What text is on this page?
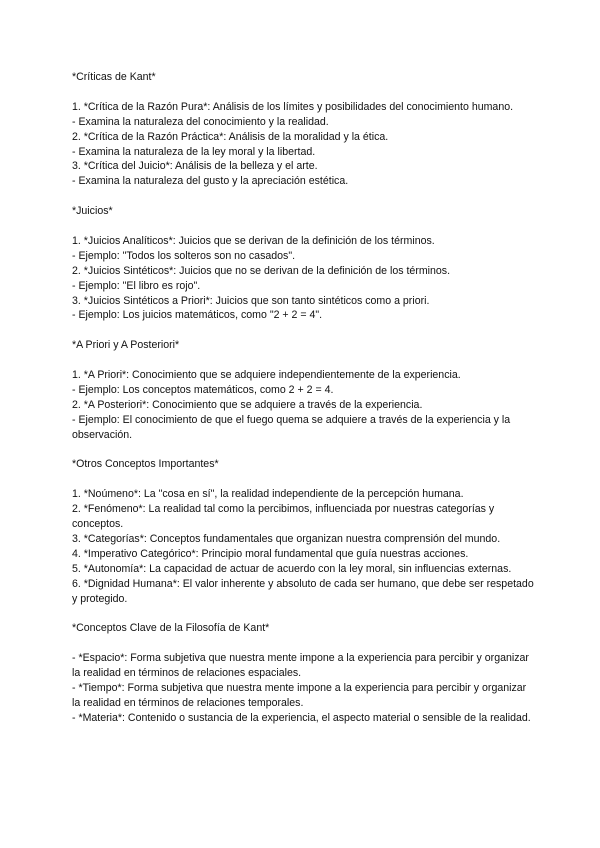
*Críticas de Kant*

1. *Crítica de la Razón Pura*: Análisis de los límites y posibilidades del conocimiento humano.

- Examina la naturaleza del conocimiento y la realidad.

2. *Crítica de la Razón Práctica*: Análisis de la moralidad y la ética.

- Examina la naturaleza de la ley moral y la libertad.

3. *Crítica del Juicio*: Análisis de la belleza y el arte.

- Examina la naturaleza del gusto y la apreciación estética.

*Juicios*

1. *Juicios Analíticos*: Juicios que se derivan de la definición de los términos.

- Ejemplo: "Todos los solteros son no casados".

2. *Juicios Sintéticos*: Juicios que no se derivan de la definición de los términos.

- Ejemplo: "El libro es rojo".

3. *Juicios Sintéticos a Priori*: Juicios que son tanto sintéticos como a priori.

- Ejemplo: Los juicios matemáticos, como "2 + 2 = 4".

*A Priori y A Posteriori*

1. *A Priori*: Conocimiento que se adquiere independientemente de la experiencia.

- Ejemplo: Los conceptos matemáticos, como 2 + 2 = 4.

2. *A Posteriori*: Conocimiento que se adquiere a través de la experiencia.

- Ejemplo: El conocimiento de que el fuego quema se adquiere a través de la experiencia y la observación.

*Otros Conceptos Importantes*

1. *Noúmeno*: La "cosa en sí", la realidad independiente de la percepción humana.

2. *Fenómeno*: La realidad tal como la percibimos, influenciada por nuestras categorías y conceptos.

3. *Categorías*: Conceptos fundamentales que organizan nuestra comprensión del mundo.

4. *Imperativo Categórico*: Principio moral fundamental que guía nuestras acciones.

5. *Autonomía*: La capacidad de actuar de acuerdo con la ley moral, sin influencias externas.

6. *Dignidad Humana*: El valor inherente y absoluto de cada ser humano, que debe ser respetado y protegido.

*Conceptos Clave de la Filosofía de Kant*

- *Espacio*: Forma subjetiva que nuestra mente impone a la experiencia para percibir y organizar la realidad en términos de relaciones espaciales.

- *Tiempo*: Forma subjetiva que nuestra mente impone a la experiencia para percibir y organizar la realidad en términos de relaciones temporales.

- *Materia*: Contenido o sustancia de la experiencia, el aspecto material o sensible de la realidad.
